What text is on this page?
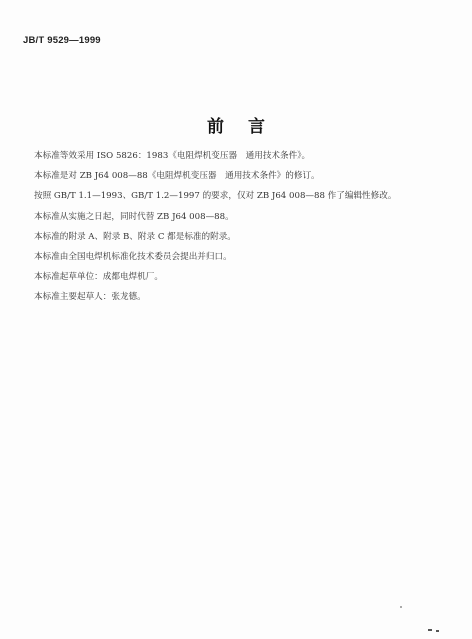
JB/T 9529—1999
前 言

本标准等效采用 ISO 5826：1983《电阻焊机变压器　通用技术条件》。

本标准是对 ZB J64 008—88《电阻焊机变压器　通用技术条件》的修订。

按照 GB/T 1.1—1993、GB/T 1.2—1997 的要求，仅对 ZB J64 008—88 作了编辑性修改。

本标准从实施之日起，同时代替 ZB J64 008—88。

本标准的附录 A、附录 B、附录 C 都是标准的附录。

本标准由全国电焊机标准化技术委员会提出并归口。

本标准起草单位：成都电焊机厂。

本标准主要起草人：张龙德。
